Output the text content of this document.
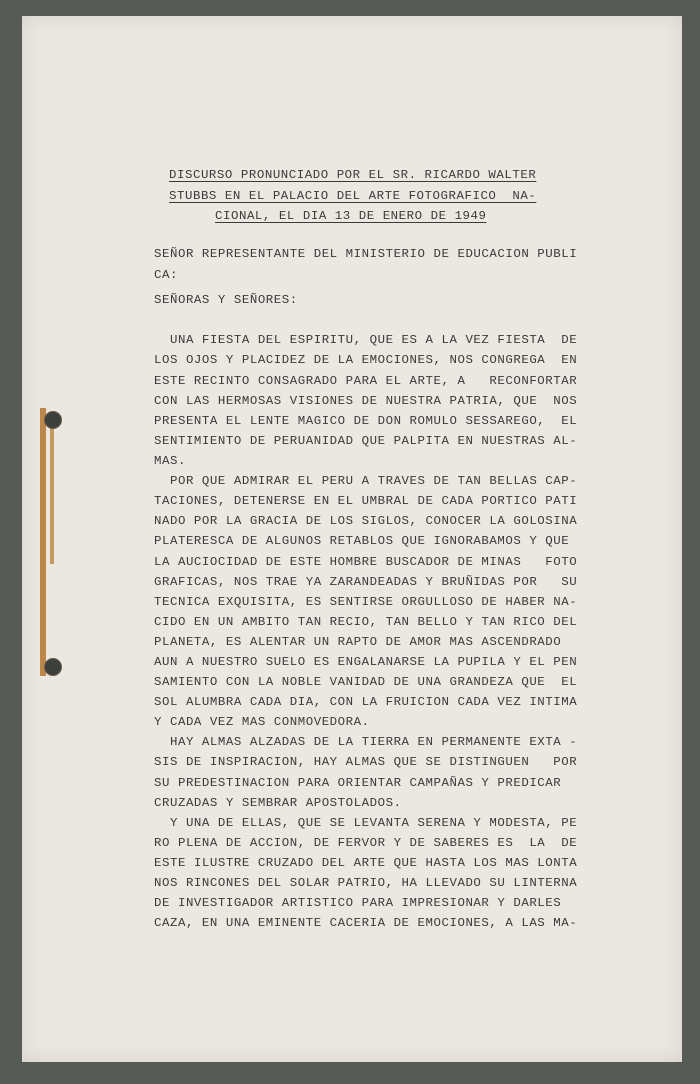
DISCURSO PRONUNCIADO POR EL SR. RICARDO WALTER
STUBBS EN EL PALACIO DEL ARTE FOTOGRAFICO  NA-
CIONAL, EL DIA 13 DE ENERO DE 1949
SEÑOR REPRESENTANTE DEL MINISTERIO DE EDUCACION PUBLI
CA:
SEÑORAS Y SEÑORES:
UNA FIESTA DEL ESPIRITU, QUE ES A LA VEZ FIESTA  DE
LOS OJOS Y PLACIDEZ DE LA EMOCIONES, NOS CONGREGA  EN
ESTE RECINTO CONSAGRADO PARA EL ARTE, A   RECONFORTAR
CON LAS HERMOSAS VISIONES DE NUESTRA PATRIA, QUE  NOS
PRESENTA EL LENTE MAGICO DE DON ROMULO SESSAREGO,  EL
SENTIMIENTO DE PERUANIDAD QUE PALPITA EN NUESTRAS AL-
MAS.
POR QUE ADMIRAR EL PERU A TRAVES DE TAN BELLAS CAP-
TACIONES, DETENERSE EN EL UMBRAL DE CADA PORTICO PATI
NADO POR LA GRACIA DE LOS SIGLOS, CONOCER LA GOLOSINA
PLATERESCA DE ALGUNOS RETABLOS QUE IGNORABAMOS Y QUE
LA AUCIOCIDAD DE ESTE HOMBRE BUSCADOR DE MINAS   FOTO
GRAFICAS, NOS TRAE YA ZARANDEADAS Y BRUÑIDAS POR   SU
TECNICA EXQUISITA, ES SENTIRSE ORGULLOSO DE HABER NA-
CIDO EN UN AMBITO TAN RECIO, TAN BELLO Y TAN RICO DEL
PLANETA, ES ALENTAR UN RAPTO DE AMOR MAS ASCENDRADO
AUN A NUESTRO SUELO ES ENGALANARSE LA PUPILA Y EL PEN
SAMIENTO CON LA NOBLE VANIDAD DE UNA GRANDEZA QUE  EL
SOL ALUMBRA CADA DIA, CON LA FRUICION CADA VEZ INTIMA
Y CADA VEZ MAS CONMOVEDORA.
HAY ALMAS ALZADAS DE LA TIERRA EN PERMANENTE EXTA -
SIS DE INSPIRACION, HAY ALMAS QUE SE DISTINGUEN   POR
SU PREDESTINACION PARA ORIENTAR CAMPAÑAS Y PREDICAR
CRUZADAS Y SEMBRAR APOSTOLADOS.
Y UNA DE ELLAS, QUE SE LEVANTA SERENA Y MODESTA, PE
RO PLENA DE ACCION, DE FERVOR Y DE SABERES ES  LA  DE
ESTE ILUSTRE CRUZADO DEL ARTE QUE HASTA LOS MAS LONTA
NOS RINCONES DEL SOLAR PATRIO, HA LLEVADO SU LINTERNA
DE INVESTIGADOR ARTISTICO PARA IMPRESIONAR Y DARLES
CAZA, EN UNA EMINENTE CACERIA DE EMOCIONES, A LAS MA-
